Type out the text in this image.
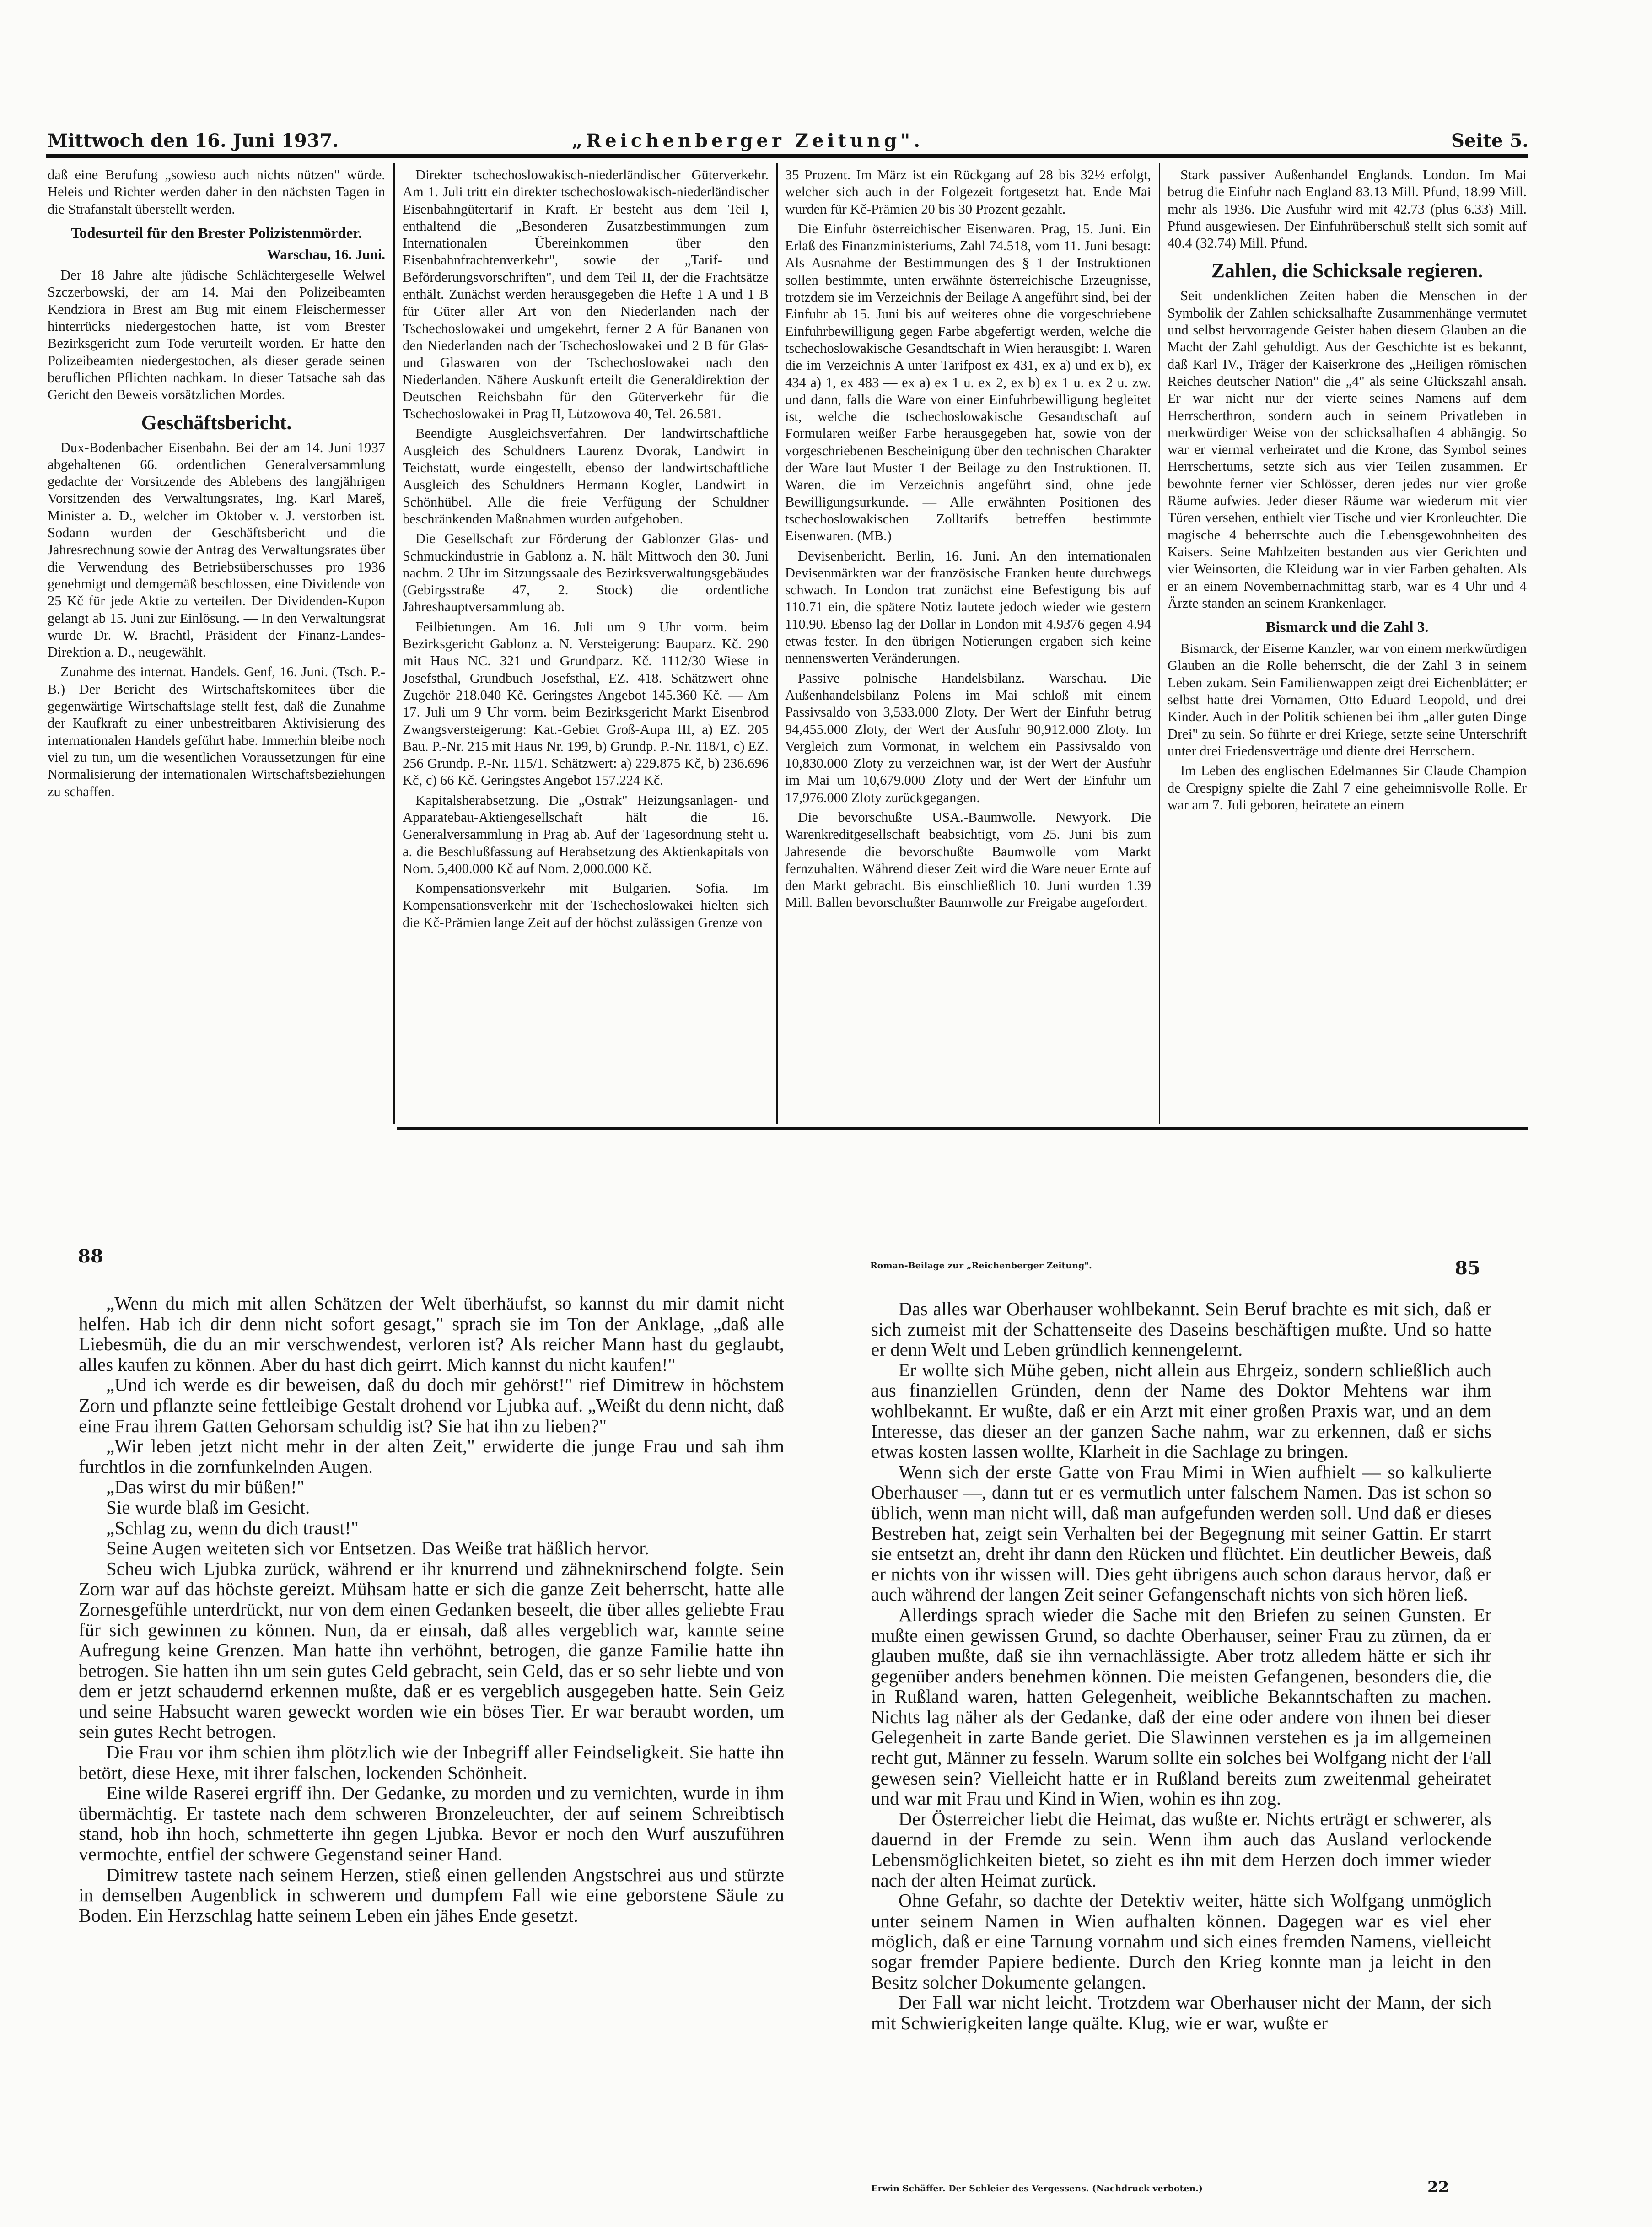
Mittwoch den 16. Juni 1937.	„Reichenberger Zeitung".	Seite 5.

daß eine Berufung „sowieso auch nichts nützen" würde. Heleis und Richter werden daher in den nächsten Tagen in die Strafanstalt überstellt werden.

Todesurteil für den Brester Polizistenmörder.

Warschau, 16. Juni.

Der 18 Jahre alte jüdische Schlächtergeselle Welwel Szczerbowski, der am 14. Mai den Polizeibeamten Kendziora in Brest am Bug mit einem Fleischermesser hinterrücks niedergestochen hatte, ist vom Brester Bezirksgericht zum Tode verurteilt worden. Er hatte den Polizeibeamten niedergestochen, als dieser gerade seinen beruflichen Pflichten nachkam. In dieser Tatsache sah das Gericht den Beweis vorsätzlichen Mordes.

Geschäftsbericht.

Dux-Bodenbacher Eisenbahn. Bei der am 14. Juni 1937 abgehaltenen 66. ordentlichen Generalversammlung gedachte der Vorsitzende des Ablebens des langjährigen Vorsitzenden des Verwaltungsrates, Ing. Karl Mareš, Minister a. D., welcher im Oktober v. J. verstorben ist. Sodann wurden der Geschäftsbericht und die Jahresrechnung sowie der Antrag des Verwaltungsrates über die Verwendung des Betriebsüberschusses pro 1936 genehmigt und demgemäß beschlossen, eine Dividende von 25 Kč für jede Aktie zu verteilen. Der Dividenden-Kupon gelangt ab 15. Juni zur Einlösung. — In den Verwaltungsrat wurde Dr. W. Brachtl, Präsident der Finanz-Landes-Direktion a. D., neugewählt.

Zunahme des internat. Handels. Genf, 16. Juni. (Tsch. P.-B.) Der Bericht des Wirtschaftskomitees über die gegenwärtige Wirtschaftslage stellt fest, daß die Zunahme der Kaufkraft zu einer unbestreitbaren Aktivisierung des internationalen Handels geführt habe. Immerhin bleibe noch viel zu tun, um die wesentlichen Voraussetzungen für eine Normalisierung der internationalen Wirtschaftsbeziehungen zu schaffen.

Direkter tschechoslowakisch-niederländischer Güterverkehr. Am 1. Juli tritt ein direkter tschechoslowakisch-niederländischer Eisenbahngütertarif in Kraft. Er besteht aus dem Teil I, enthaltend die „Besonderen Zusatzbestimmungen zum Internationalen Übereinkommen über den Eisenbahnfrachtenverkehr", sowie der „Tarif- und Beförderungsvorschriften", und dem Teil II, der die Frachtsätze enthält. Zunächst werden herausgegeben die Hefte 1 A und 1 B für Güter aller Art von den Niederlanden nach der Tschechoslowakei und umgekehrt, ferner 2 A für Bananen von den Niederlanden nach der Tschechoslowakei und 2 B für Glas- und Glaswaren von der Tschechoslowakei nach den Niederlanden. Nähere Auskunft erteilt die Generaldirektion der Deutschen Reichsbahn für den Güterverkehr für die Tschechoslowakei in Prag II, Lützowova 40, Tel. 26.581.

Beendigte Ausgleichsverfahren. Der landwirtschaftliche Ausgleich des Schuldners Laurenz Dvorak, Landwirt in Teichstatt, wurde eingestellt, ebenso der landwirtschaftliche Ausgleich des Schuldners Hermann Kogler, Landwirt in Schönhübel. Alle die freie Verfügung der Schuldner beschränkenden Maßnahmen wurden aufgehoben.

Die Gesellschaft zur Förderung der Gablonzer Glas- und Schmuckindustrie in Gablonz a. N. hält Mittwoch den 30. Juni nachm. 2 Uhr im Sitzungssaale des Bezirksverwaltungsgebäudes (Gebirgsstraße 47, 2. Stock) die ordentliche Jahreshauptversammlung ab.

Feilbietungen. Am 16. Juli um 9 Uhr vorm. beim Bezirksgericht Gablonz a. N. Versteigerung: Bauparz. Kč. 290 mit Haus NC. 321 und Grundparz. Kč. 1112/30 Wiese in Josefsthal, Grundbuch Josefsthal, EZ. 418. Schätzwert ohne Zugehör 218.040 Kč. Geringstes Angebot 145.360 Kč. — Am 17. Juli um 9 Uhr vorm. beim Bezirksgericht Markt Eisenbrod Zwangsversteigerung: Kat.-Gebiet Groß-Aupa III, a) EZ. 205 Bau. P.-Nr. 215 mit Haus Nr. 199, b) Grundp. P.-Nr. 118/1, c) EZ. 256 Grundp. P.-Nr. 115/1. Schätzwert: a) 229.875 Kč, b) 236.696 Kč, c) 66 Kč. Geringstes Angebot 157.224 Kč.

Kapitalsherabsetzung. Die „Ostrak" Heizungsanlagen- und Apparatebau-Aktiengesellschaft hält die 16. Generalversammlung in Prag ab. Auf der Tagesordnung steht u. a. die Beschlußfassung auf Herabsetzung des Aktienkapitals von Nom. 5,400.000 Kč auf Nom. 2,000.000 Kč.

Kompensationsverkehr mit Bulgarien. Sofia. Im Kompensationsverkehr mit der Tschechoslowakei hielten sich die Kč-Prämien lange Zeit auf der höchst zulässigen Grenze von

35 Prozent. Im März ist ein Rückgang auf 28 bis 32½ erfolgt, welcher sich auch in der Folgezeit fortgesetzt hat. Ende Mai wurden für Kč-Prämien 20 bis 30 Prozent gezahlt.

Die Einfuhr österreichischer Eisenwaren. Prag, 15. Juni. Ein Erlaß des Finanzministeriums, Zahl 74.518, vom 11. Juni besagt: Als Ausnahme der Bestimmungen des § 1 der Instruktionen sollen bestimmte, unten erwähnte österreichische Erzeugnisse, trotzdem sie im Verzeichnis der Beilage A angeführt sind, bei der Einfuhr ab 15. Juni bis auf weiteres ohne die vorgeschriebene Einfuhrbewilligung gegen Farbe abgefertigt werden, welche die tschechoslowakische Gesandtschaft in Wien herausgibt: I. Waren die im Verzeichnis A unter Tarifpost ex 431, ex a) und ex b), ex 434 a) 1, ex 483 — ex a) ex 1 u. ex 2, ex b) ex 1 u. ex 2 u. zw. und dann, falls die Ware von einer Einfuhrbewilligung begleitet ist, welche die tschechoslowakische Gesandtschaft auf Formularen weißer Farbe herausgegeben hat, sowie von der vorgeschriebenen Bescheinigung über den technischen Charakter der Ware laut Muster 1 der Beilage zu den Instruktionen. II. Waren, die im Verzeichnis angeführt sind, ohne jede Bewilligungsurkunde. — Alle erwähnten Positionen des tschechoslowakischen Zolltarifs betreffen bestimmte Eisenwaren. (MB.)

Devisenbericht. Berlin, 16. Juni. An den internationalen Devisenmärkten war der französische Franken heute durchwegs schwach. In London trat zunächst eine Befestigung bis auf 110.71 ein, die spätere Notiz lautete jedoch wieder wie gestern 110.90. Ebenso lag der Dollar in London mit 4.9376 gegen 4.94 etwas fester. In den übrigen Notierungen ergaben sich keine nennenswerten Veränderungen.

Passive polnische Handelsbilanz. Warschau. Die Außenhandelsbilanz Polens im Mai schloß mit einem Passivsaldo von 3,533.000 Zloty. Der Wert der Einfuhr betrug 94,455.000 Zloty, der Wert der Ausfuhr 90,912.000 Zloty. Im Vergleich zum Vormonat, in welchem ein Passivsaldo von 10,830.000 Zloty zu verzeichnen war, ist der Wert der Ausfuhr im Mai um 10,679.000 Zloty und der Wert der Einfuhr um 17,976.000 Zloty zurückgegangen.

Die bevorschußte USA.-Baumwolle. Newyork. Die Warenkreditgesellschaft beabsichtigt, vom 25. Juni bis zum Jahresende die bevorschußte Baumwolle vom Markt fernzuhalten. Während dieser Zeit wird die Ware neuer Ernte auf den Markt gebracht. Bis einschließlich 10. Juni wurden 1.39 Mill. Ballen bevorschußter Baumwolle zur Freigabe angefordert.

Stark passiver Außenhandel Englands. London. Im Mai betrug die Einfuhr nach England 83.13 Mill. Pfund, 18.99 Mill. mehr als 1936. Die Ausfuhr wird mit 42.73 (plus 6.33) Mill. Pfund ausgewiesen. Der Einfuhrüberschuß stellt sich somit auf 40.4 (32.74) Mill. Pfund.

Zahlen, die Schicksale regieren.

Seit undenklichen Zeiten haben die Menschen in der Symbolik der Zahlen schicksalhafte Zusammenhänge vermutet und selbst hervorragende Geister haben diesem Glauben an die Macht der Zahl gehuldigt. Aus der Geschichte ist es bekannt, daß Karl IV., Träger der Kaiserkrone des „Heiligen römischen Reiches deutscher Nation" die „4" als seine Glückszahl ansah. Er war nicht nur der vierte seines Namens auf dem Herrscherthron, sondern auch in seinem Privatleben in merkwürdiger Weise von der schicksalhaften 4 abhängig. So war er viermal verheiratet und die Krone, das Symbol seines Herrschertums, setzte sich aus vier Teilen zusammen. Er bewohnte ferner vier Schlösser, deren jedes nur vier große Räume aufwies. Jeder dieser Räume war wiederum mit vier Türen versehen, enthielt vier Tische und vier Kronleuchter. Die magische 4 beherrschte auch die Lebensgewohnheiten des Kaisers. Seine Mahlzeiten bestanden aus vier Gerichten und vier Weinsorten, die Kleidung war in vier Farben gehalten. Als er an einem Novembernachmittag starb, war es 4 Uhr und 4 Ärzte standen an seinem Krankenlager.

Bismarck und die Zahl 3.

Bismarck, der Eiserne Kanzler, war von einem merkwürdigen Glauben an die Rolle beherrscht, die der Zahl 3 in seinem Leben zukam. Sein Familienwappen zeigt drei Eichenblätter; er selbst hatte drei Vornamen, Otto Eduard Leopold, und drei Kinder. Auch in der Politik schienen bei ihm „aller guten Dinge Drei" zu sein. So führte er drei Kriege, setzte seine Unterschrift unter drei Friedensverträge und diente drei Herrschern.

Im Leben des englischen Edelmannes Sir Claude Champion de Crespigny spielte die Zahl 7 eine geheimnisvolle Rolle. Er war am 7. Juli geboren, heiratete an einem

88

„Wenn du mich mit allen Schätzen der Welt überhäufst, so kannst du mir damit nicht helfen. Hab ich dir denn nicht sofort gesagt," sprach sie im Ton der Anklage, „daß alle Liebesmüh, die du an mir verschwendest, verloren ist? Als reicher Mann hast du geglaubt, alles kaufen zu können. Aber du hast dich geirrt. Mich kannst du nicht kaufen!"

„Und ich werde es dir beweisen, daß du doch mir gehörst!" rief Dimitrew in höchstem Zorn und pflanzte seine fettleibige Gestalt drohend vor Ljubka auf. „Weißt du denn nicht, daß eine Frau ihrem Gatten Gehorsam schuldig ist? Sie hat ihn zu lieben?"

„Wir leben jetzt nicht mehr in der alten Zeit," erwiderte die junge Frau und sah ihm furchtlos in die zornfunkelnden Augen.

„Das wirst du mir büßen!"

Sie wurde blaß im Gesicht.

„Schlag zu, wenn du dich traust!"

Seine Augen weiteten sich vor Entsetzen. Das Weiße trat häßlich hervor.

Scheu wich Ljubka zurück, während er ihr knurrend und zähneknirschend folgte. Sein Zorn war auf das höchste gereizt. Mühsam hatte er sich die ganze Zeit beherrscht, hatte alle Zornesgefühle unterdrückt, nur von dem einen Gedanken beseelt, die über alles geliebte Frau für sich gewinnen zu können. Nun, da er einsah, daß alles vergeblich war, kannte seine Aufregung keine Grenzen. Man hatte ihn verhöhnt, betrogen, die ganze Familie hatte ihn betrogen. Sie hatten ihn um sein gutes Geld gebracht, sein Geld, das er so sehr liebte und von dem er jetzt schaudernd erkennen mußte, daß er es vergeblich ausgegeben hatte. Sein Geiz und seine Habsucht waren geweckt worden wie ein böses Tier. Er war beraubt worden, um sein gutes Recht betrogen.

Die Frau vor ihm schien ihm plötzlich wie der Inbegriff aller Feindseligkeit. Sie hatte ihn betört, diese Hexe, mit ihrer falschen, lockenden Schönheit.

Eine wilde Raserei ergriff ihn. Der Gedanke, zu morden und zu vernichten, wurde in ihm übermächtig. Er tastete nach dem schweren Bronzeleuchter, der auf seinem Schreibtisch stand, hob ihn hoch, schmetterte ihn gegen Ljubka. Bevor er noch den Wurf auszuführen vermochte, entfiel der schwere Gegenstand seiner Hand.

Dimitrew tastete nach seinem Herzen, stieß einen gellenden Angstschrei aus und stürzte in demselben Augenblick in schwerem und dumpfem Fall wie eine geborstene Säule zu Boden. Ein Herzschlag hatte seinem Leben ein jähes Ende gesetzt.

Roman-Beilage zur „Reichenberger Zeitung".	85

Das alles war Oberhauser wohlbekannt. Sein Beruf brachte es mit sich, daß er sich zumeist mit der Schattenseite des Daseins beschäftigen mußte. Und so hatte er denn Welt und Leben gründlich kennengelernt.

Er wollte sich Mühe geben, nicht allein aus Ehrgeiz, sondern schließlich auch aus finanziellen Gründen, denn der Name des Doktor Mehtens war ihm wohlbekannt. Er wußte, daß er ein Arzt mit einer großen Praxis war, und an dem Interesse, das dieser an der ganzen Sache nahm, war zu erkennen, daß er sichs etwas kosten lassen wollte, Klarheit in die Sachlage zu bringen.

Wenn sich der erste Gatte von Frau Mimi in Wien aufhielt — so kalkulierte Oberhauser —, dann tut er es vermutlich unter falschem Namen. Das ist schon so üblich, wenn man nicht will, daß man aufgefunden werden soll. Und daß er dieses Bestreben hat, zeigt sein Verhalten bei der Begegnung mit seiner Gattin. Er starrt sie entsetzt an, dreht ihr dann den Rücken und flüchtet. Ein deutlicher Beweis, daß er nichts von ihr wissen will. Dies geht übrigens auch schon daraus hervor, daß er auch während der langen Zeit seiner Gefangenschaft nichts von sich hören ließ.

Allerdings sprach wieder die Sache mit den Briefen zu seinen Gunsten. Er mußte einen gewissen Grund, so dachte Oberhauser, seiner Frau zu zürnen, da er glauben mußte, daß sie ihn vernachlässigte. Aber trotz alledem hätte er sich ihr gegenüber anders benehmen können. Die meisten Gefangenen, besonders die, die in Rußland waren, hatten Gelegenheit, weibliche Bekanntschaften zu machen. Nichts lag näher als der Gedanke, daß der eine oder andere von ihnen bei dieser Gelegenheit in zarte Bande geriet. Die Slawinnen verstehen es ja im allgemeinen recht gut, Männer zu fesseln. Warum sollte ein solches bei Wolfgang nicht der Fall gewesen sein? Vielleicht hatte er in Rußland bereits zum zweitenmal geheiratet und war mit Frau und Kind in Wien, wohin es ihn zog.

Der Österreicher liebt die Heimat, das wußte er. Nichts erträgt er schwerer, als dauernd in der Fremde zu sein. Wenn ihm auch das Ausland verlockende Lebensmöglichkeiten bietet, so zieht es ihn mit dem Herzen doch immer wieder nach der alten Heimat zurück.

Ohne Gefahr, so dachte der Detektiv weiter, hätte sich Wolfgang unmöglich unter seinem Namen in Wien aufhalten können. Dagegen war es viel eher möglich, daß er eine Tarnung vornahm und sich eines fremden Namens, vielleicht sogar fremder Papiere bediente. Durch den Krieg konnte man ja leicht in den Besitz solcher Dokumente gelangen.

Der Fall war nicht leicht. Trotzdem war Oberhauser nicht der Mann, der sich mit Schwierigkeiten lange quälte. Klug, wie er war, wußte er

Erwin Schäffer. Der Schleier des Vergessens. (Nachdruck verboten.)	22
